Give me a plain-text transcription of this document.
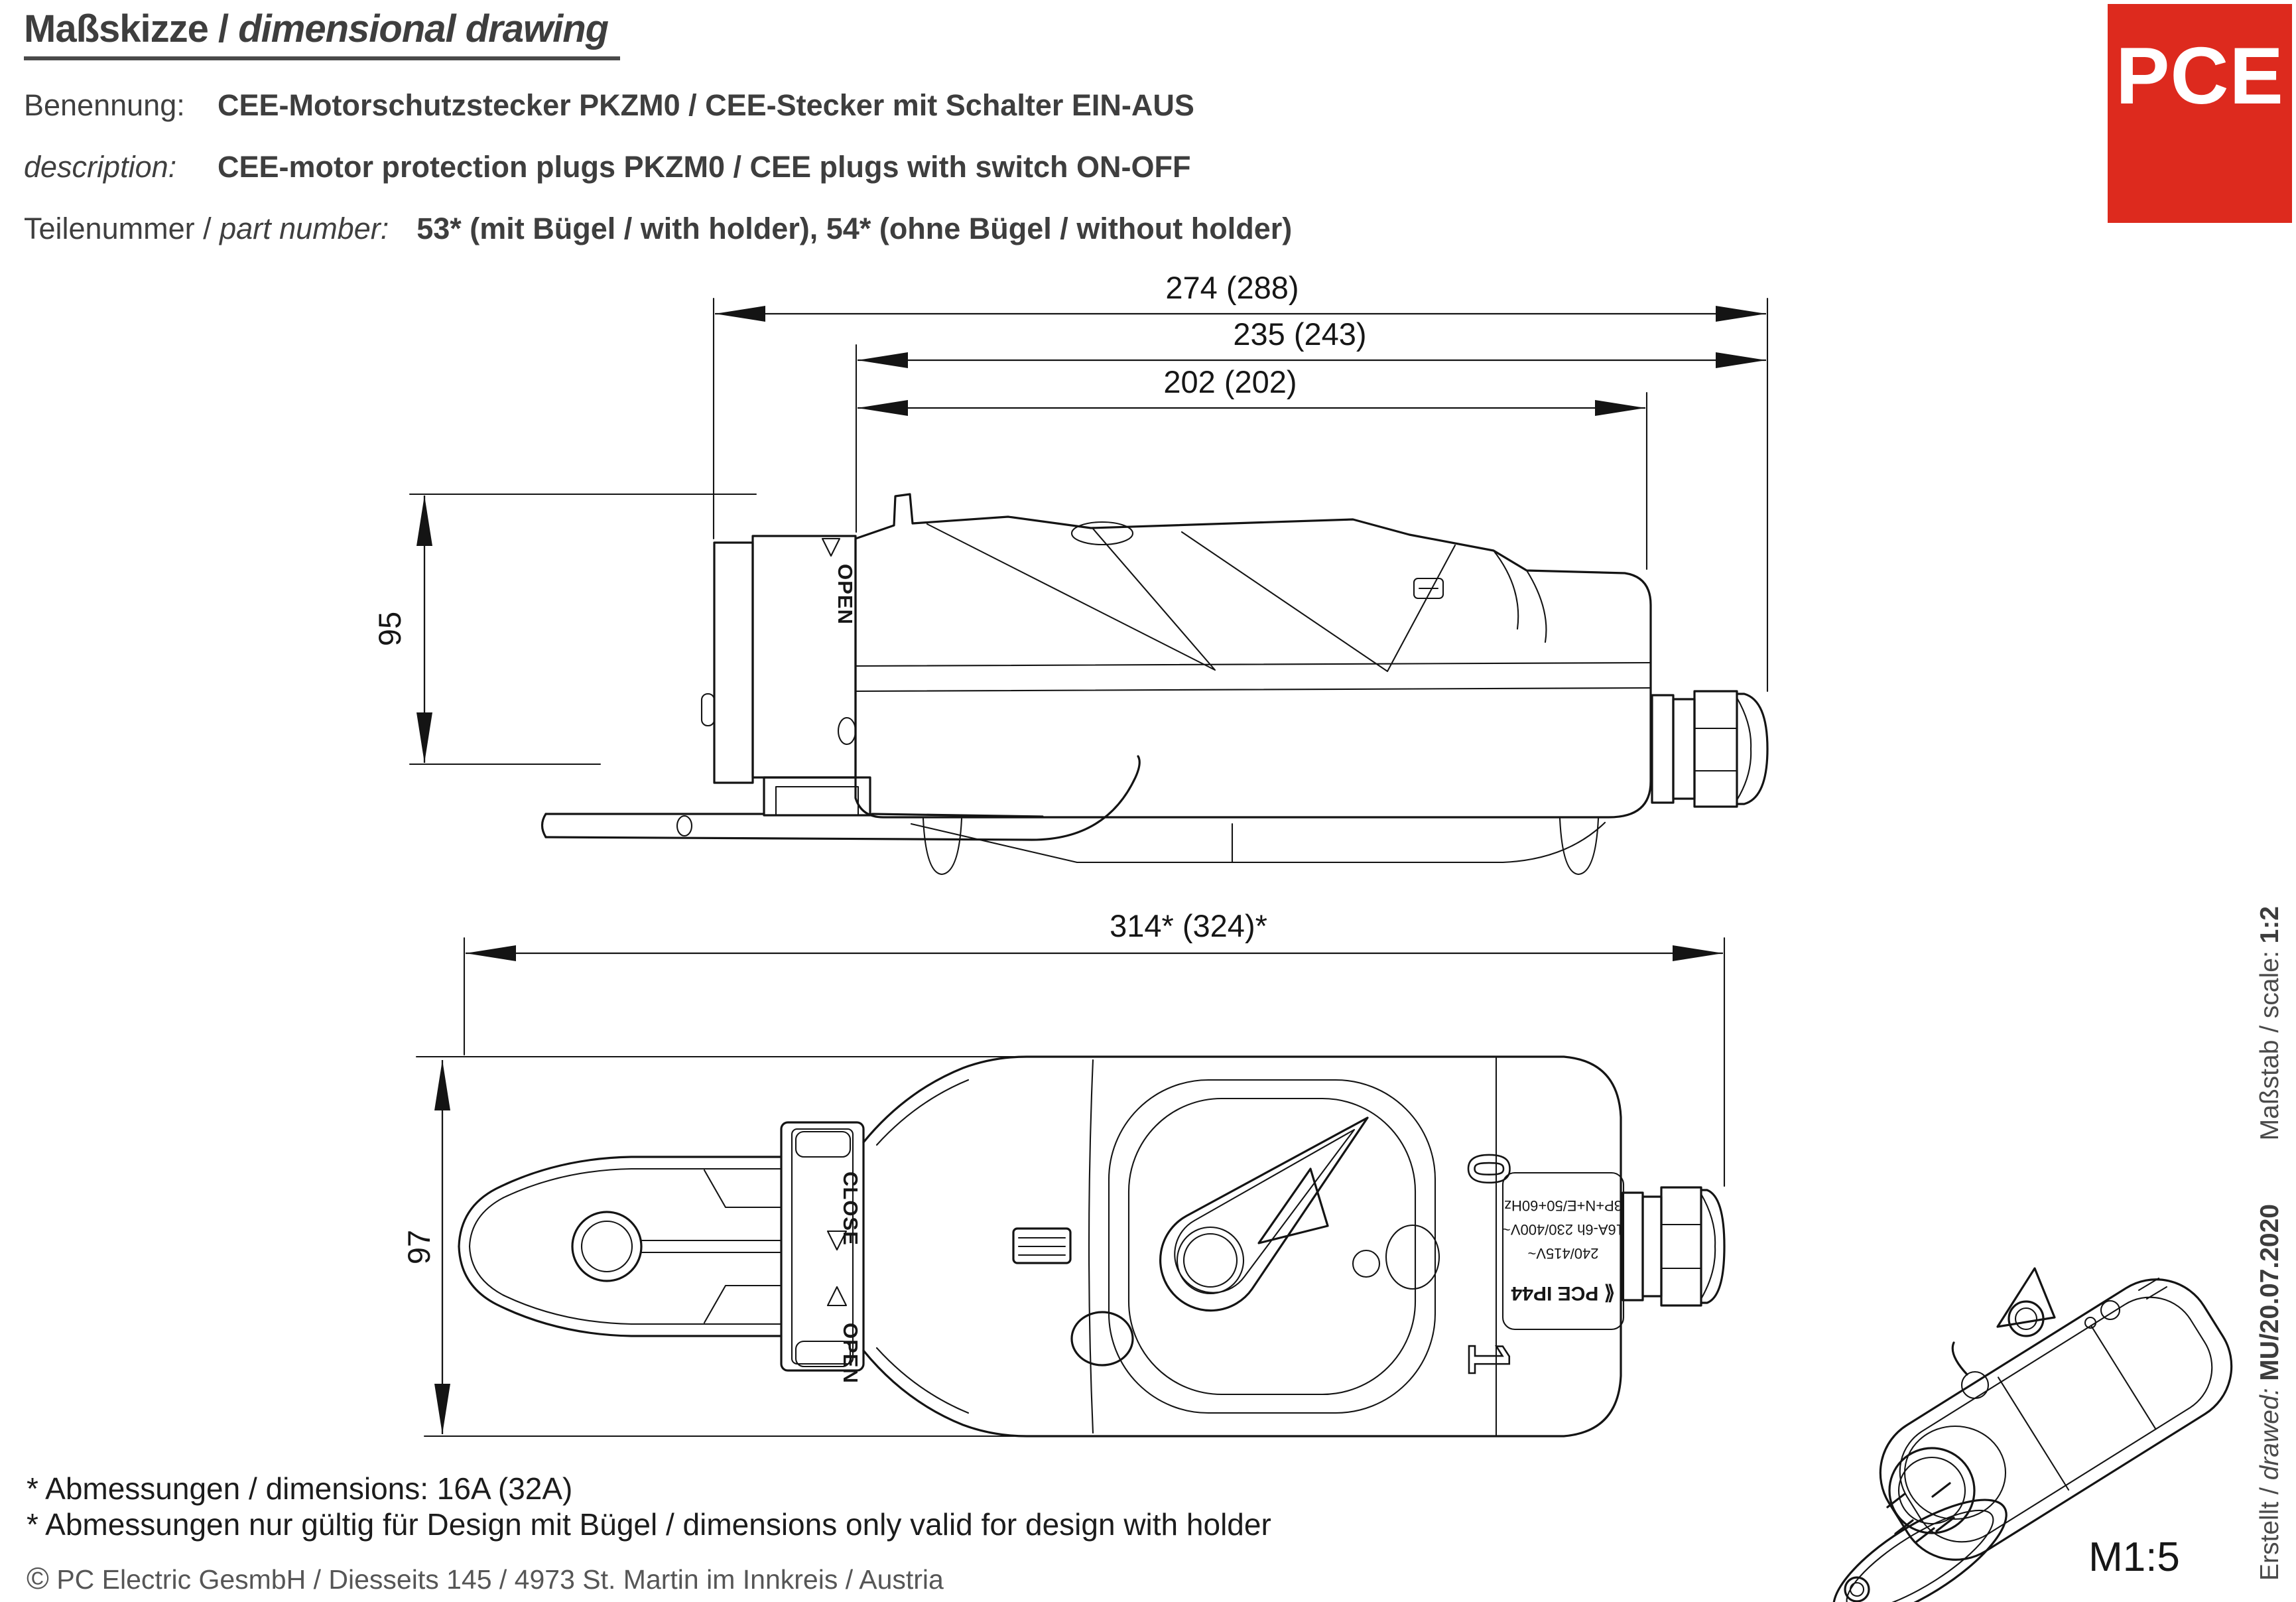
Maßskizze / dimensional drawing
Benennung:	CEE-Motorschutzstecker PKZM0 / CEE-Stecker mit Schalter EIN-AUS
description:	CEE-motor protection plugs PKZM0 / CEE plugs with switch ON-OFF
Teilenummer / part number: 53* (mit Bügel / with holder), 54* (ohne Bügel / without holder)
PCE
274 (288)
235 (243)
202 (202)
95
OPEN
314* (324)*
97
CLOSE
OPEN
0
1
3P+N+E/50+60Hz
16A-6h 230/400V~
240/415V~
⟪ PCE IP44
M1:5
* Abmessungen / dimensions: 16A (32A)
* Abmessungen nur gültig für Design mit Bügel / dimensions only valid for design with holder
© PC Electric GesmbH / Diesseits 145 / 4973 St. Martin im Innkreis / Austria	Erstellt / drawed: MU/20.07.2020  Maßstab / scale: 1:2
